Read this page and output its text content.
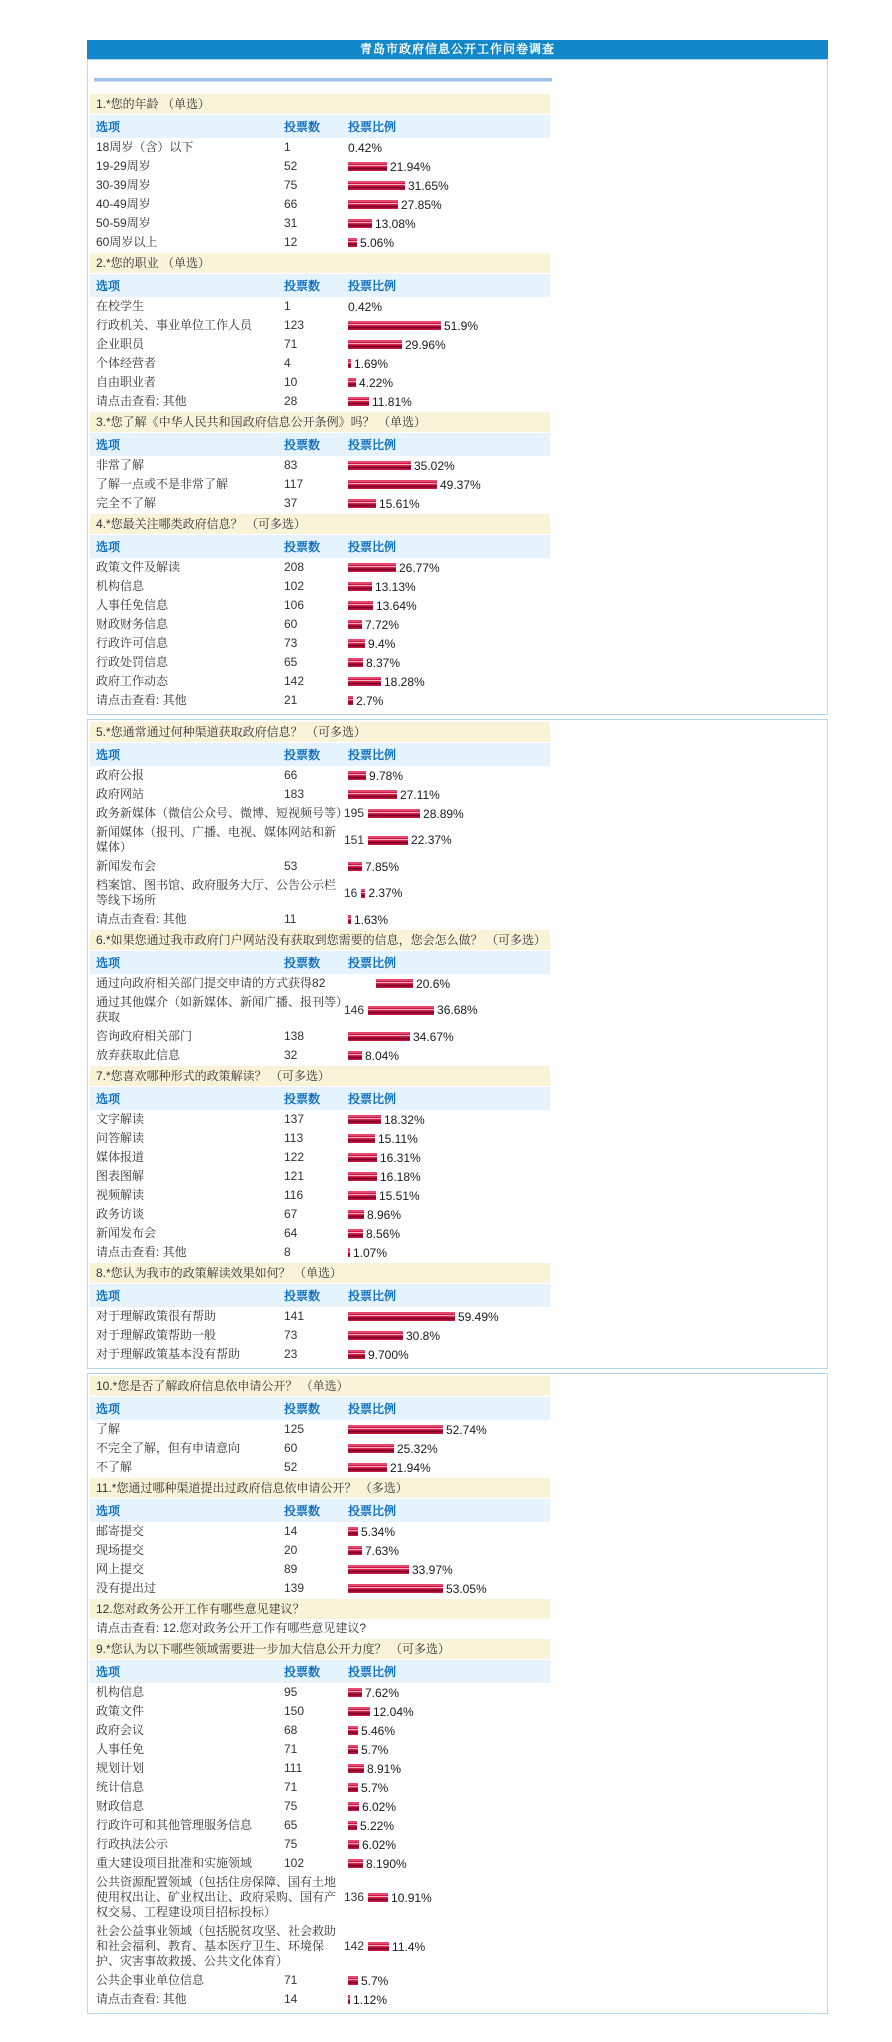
青岛市政府信息公开工作问卷调查
1.*您的年龄 （单选）
选项	投票数	投票比例
18周岁（含）以下	1	0.42%
19-29周岁	52	21.94%
30-39周岁	75	31.65%
40-49周岁	66	27.85%
50-59周岁	31	13.08%
60周岁以上	12	5.06%
2.*您的职业 （单选）
选项	投票数	投票比例
在校学生	1	0.42%
行政机关、事业单位工作人员	123	51.9%
企业职员	71	29.96%
个体经营者	4	1.69%
自由职业者	10	4.22%
请点击查看: 其他	28	11.81%
3.*您了解《中华人民共和国政府信息公开条例》吗？ （单选）
选项	投票数	投票比例
非常了解	83	35.02%
了解一点或不是非常了解	117	49.37%
完全不了解	37	15.61%
4.*您最关注哪类政府信息？ （可多选）
选项	投票数	投票比例
政策文件及解读	208	26.77%
机构信息	102	13.13%
人事任免信息	106	13.64%
财政财务信息	60	7.72%
行政许可信息	73	9.4%
行政处罚信息	65	8.37%
政府工作动态	142	18.28%
请点击查看: 其他	21	2.7%
5.*您通常通过何种渠道获取政府信息？ （可多选）
选项	投票数	投票比例
政府公报	66	9.78%
政府网站	183	27.11%
政务新媒体（微信公众号、微博、短视频号等）
195	28.89%
新闻媒体（报刊、广播、电视、媒体网站和新媒体）
151	22.37%
新闻发布会	53	7.85%
档案馆、图书馆、政府服务大厅、公告公示栏等线下场所
16 2.37%
请点击查看: 其他	11	1.63%
6.*如果您通过我市政府门户网站没有获取到您需要的信息，您会怎么做？ （可多选）
选项	投票数	投票比例
通过向政府相关部门提交申请的方式获得 82	20.6%
通过其他媒介（如新媒体、新闻广播、报刊等）获取
146	36.68%
咨询政府相关部门	138	34.67%
放弃获取此信息	32	8.04%
7.*您喜欢哪种形式的政策解读？ （可多选）
选项	投票数	投票比例
文字解读	137	18.32%
问答解读	113	15.11%
媒体报道	122	16.31%
图表图解	121	16.18%
视频解读	116	15.51%
政务访谈	67	8.96%
新闻发布会	64	8.56%
请点击查看: 其他	8	1.07%
8.*您认为我市的政策解读效果如何？ （单选）
选项	投票数	投票比例
对于理解政策很有帮助	141	59.49%
对于理解政策帮助一般	73	30.8%
对于理解政策基本没有帮助	23	9.700%
10.*您是否了解政府信息依申请公开？ （单选）
选项	投票数	投票比例
了解	125	52.74%
不完全了解，但有申请意向	60	25.32%
不了解	52	21.94%
11.*您通过哪种渠道提出过政府信息依申请公开？ （多选）
选项	投票数	投票比例
邮寄提交	14	5.34%
现场提交	20	7.63%
网上提交	89	33.97%
没有提出过	139	53.05%
12.您对政务公开工作有哪些意见建议？
请点击查看: 12.您对政务公开工作有哪些意见建议?
9.*您认为以下哪些领域需要进一步加大信息公开力度？ （可多选）
选项	投票数	投票比例
机构信息	95	7.62%
政策文件	150	12.04%
政府会议	68	5.46%
人事任免	71	5.7%
规划计划	111	8.91%
统计信息	71	5.7%
财政信息	75	6.02%
行政许可和其他管理服务信息	65	5.22%
行政执法公示	75	6.02%
重大建设项目批准和实施领域	102	8.190%
公共资源配置领域（包括住房保障、国有土地使用权出让、矿业权出让、政府采购、国有产权交易、工程建设项目招标投标）
136	10.91%
社会公益事业领域（包括脱贫攻坚、社会救助和社会福利、教育、基本医疗卫生、环境保护、灾害事故救援、公共文化体育）
142	11.4%
公共企事业单位信息	71	5.7%
请点击查看: 其他	14	1.12%
